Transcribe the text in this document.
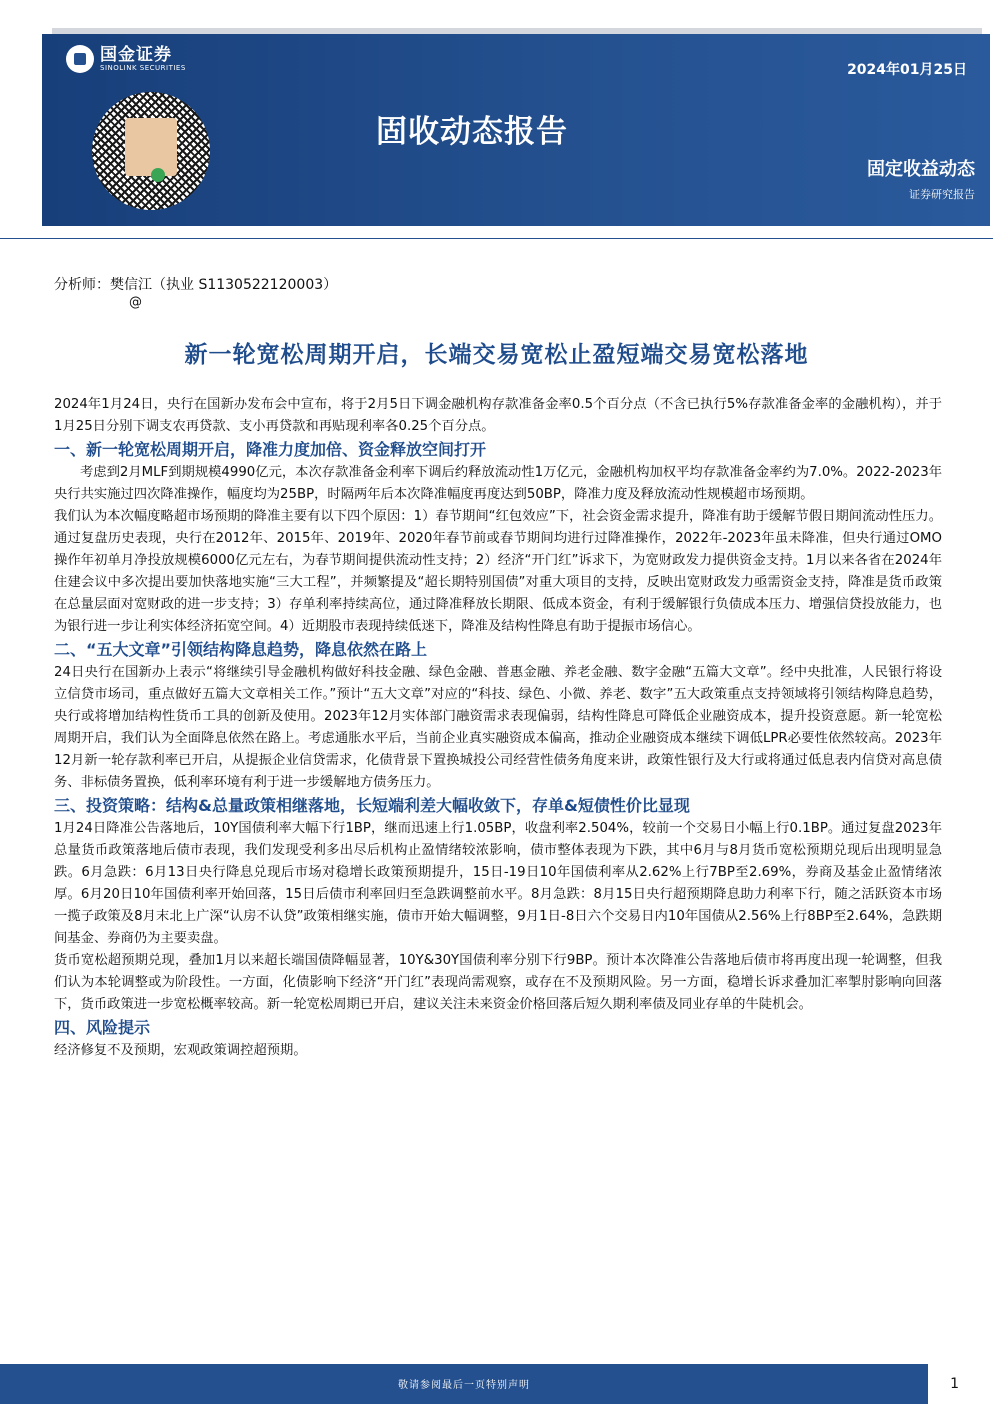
国金证券
SINOLINK SECURITIES	2024年01月25日
固收动态报告
固定收益动态
证券研究报告
分析师：樊信江（执业 S1130522120003）
@
新一轮宽松周期开启，长端交易宽松止盈短端交易宽松落地

2024年1月24日，央行在国新办发布会中宣布，将于2月5日下调金融机构存款准备金率0.5个百分点（不含已执行5%存款准备金率的金融机构），并于1月25日分别下调支农再贷款、支小再贷款和再贴现利率各0.25个百分点。

一、新一轮宽松周期开启，降准力度加倍、资金释放空间打开

考虑到2月MLF到期规模4990亿元，本次存款准备金利率下调后约释放流动性1万亿元，金融机构加权平均存款准备金率约为7.0%。2022-2023年央行共实施过四次降准操作，幅度均为25BP，时隔两年后本次降准幅度再度达到50BP，降准力度及释放流动性规模超市场预期。

我们认为本次幅度略超市场预期的降准主要有以下四个原因：1）春节期间“红包效应”下，社会资金需求提升，降准有助于缓解节假日期间流动性压力。通过复盘历史表现，央行在2012年、2015年、2019年、2020年春节前或春节期间均进行过降准操作，2022年-2023年虽未降准，但央行通过OMO操作年初单月净投放规模6000亿元左右，为春节期间提供流动性支持；2）经济“开门红”诉求下，为宽财政发力提供资金支持。1月以来各省在2024年住建会议中多次提出要加快落地实施“三大工程”，并频繁提及“超长期特别国债”对重大项目的支持，反映出宽财政发力亟需资金支持，降准是货币政策在总量层面对宽财政的进一步支持；3）存单利率持续高位，通过降准释放长期限、低成本资金，有利于缓解银行负债成本压力、增强信贷投放能力，也为银行进一步让利实体经济拓宽空间。4）近期股市表现持续低迷下，降准及结构性降息有助于提振市场信心。

二、“五大文章”引领结构降息趋势，降息依然在路上

24日央行在国新办上表示“将继续引导金融机构做好科技金融、绿色金融、普惠金融、养老金融、数字金融“五篇大文章”。经中央批准，人民银行将设立信贷市场司，重点做好五篇大文章相关工作。”预计“五大文章”对应的“科技、绿色、小微、养老、数字”五大政策重点支持领域将引领结构降息趋势，央行或将增加结构性货币工具的创新及使用。2023年12月实体部门融资需求表现偏弱，结构性降息可降低企业融资成本，提升投资意愿。新一轮宽松周期开启，我们认为全面降息依然在路上。考虑通胀水平后，当前企业真实融资成本偏高，推动企业融资成本继续下调低LPR必要性依然较高。2023年12月新一轮存款利率已开启，从提振企业信贷需求，化债背景下置换城投公司经营性债务角度来讲，政策性银行及大行或将通过低息表内信贷对高息债务、非标债务置换，低利率环境有利于进一步缓解地方债务压力。

三、投资策略：结构&总量政策相继落地，长短端利差大幅收敛下，存单&短债性价比显现

1月24日降准公告落地后，10Y国债利率大幅下行1BP，继而迅速上行1.05BP，收盘利率2.504%，较前一个交易日小幅上行0.1BP。通过复盘2023年总量货币政策落地后债市表现，我们发现受利多出尽后机构止盈情绪较浓影响，债市整体表现为下跌，其中6月与8月货币宽松预期兑现后出现明显急跌。6月急跌：6月13日央行降息兑现后市场对稳增长政策预期提升，15日-19日10年国债利率从2.62%上行7BP至2.69%，券商及基金止盈情绪浓厚。6月20日10年国债利率开始回落，15日后债市利率回归至急跌调整前水平。8月急跌：8月15日央行超预期降息助力利率下行，随之活跃资本市场一揽子政策及8月末北上广深“认房不认贷”政策相继实施，债市开始大幅调整，9月1日-8日六个交易日内10年国债从2.56%上行8BP至2.64%，急跌期间基金、券商仍为主要卖盘。

货币宽松超预期兑现，叠加1月以来超长端国债降幅显著，10Y&30Y国债利率分别下行9BP。预计本次降准公告落地后债市将再度出现一轮调整，但我们认为本轮调整或为阶段性。一方面，化债影响下经济“开门红”表现尚需观察，或存在不及预期风险。另一方面，稳增长诉求叠加汇率掣肘影响向回落下，货币政策进一步宽松概率较高。新一轮宽松周期已开启，建议关注未来资金价格回落后短久期利率债及同业存单的牛陡机会。

四、风险提示

经济修复不及预期，宏观政策调控超预期。

敬请参阅最后一页特别声明	1
